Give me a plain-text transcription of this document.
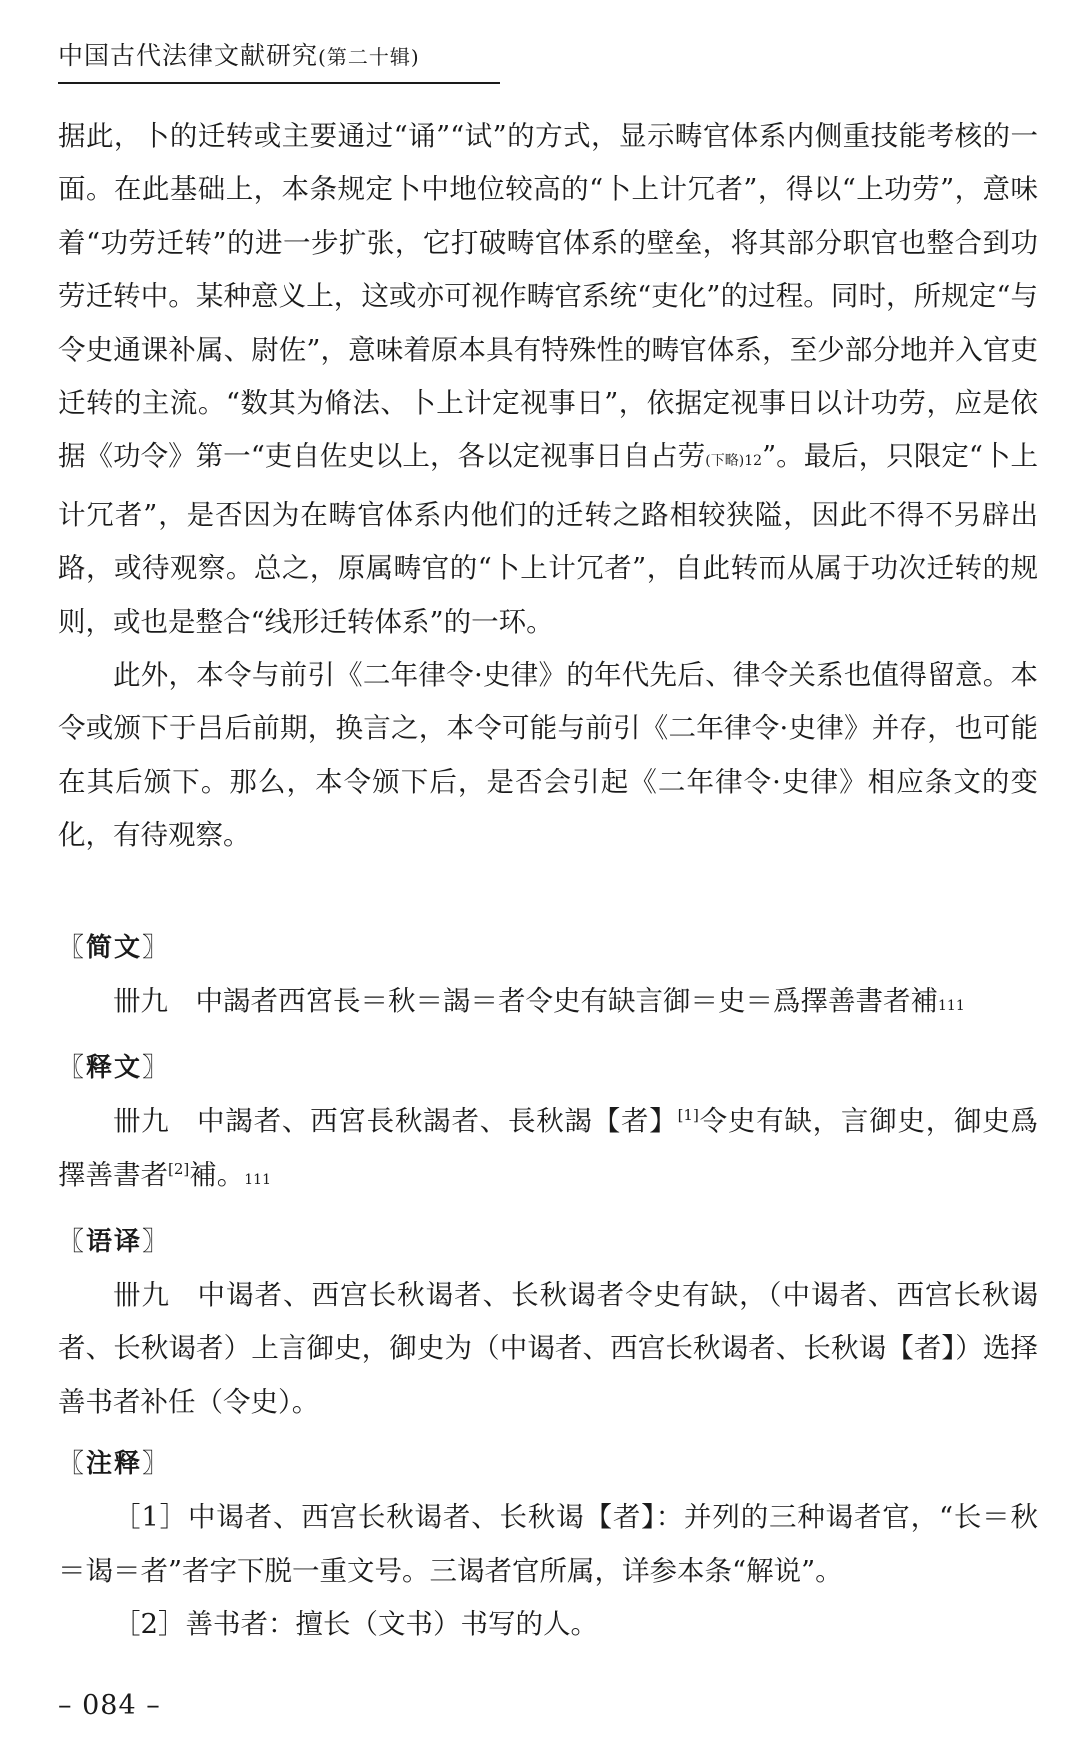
中国古代法律文献研究(第二十辑)

据此，卜的迁转或主要通过“诵”“试”的方式，显示畴官体系内侧重技能考核的一面。在此基础上，本条规定卜中地位较高的“卜上计冗者”，得以“上功劳”，意味着“功劳迁转”的进一步扩张，它打破畴官体系的壁垒，将其部分职官也整合到功劳迁转中。某种意义上，这或亦可视作畴官系统“吏化”的过程。同时，所规定“与令史通课补属、尉佐”，意味着原本具有特殊性的畴官体系，至少部分地并入官吏迁转的主流。“数其为脩法、卜上计定视事日”，依据定视事日以计功劳，应是依据《功令》第一“吏自佐史以上，各以定视事日自占劳(下略)12”。最后，只限定“卜上计冗者”，是否因为在畴官体系内他们的迁转之路相较狭隘，因此不得不另辟出路，或待观察。总之，原属畴官的“卜上计冗者”，自此转而从属于功次迁转的规则，或也是整合“线形迁转体系”的一环。

此外，本令与前引《二年律令·史律》的年代先后、律令关系也值得留意。本令或颁下于吕后前期，换言之，本令可能与前引《二年律令·史律》并存，也可能在其后颁下。那么，本令颁下后，是否会引起《二年律令·史律》相应条文的变化，有待观察。

〖简文〗

卌九 中謁者西宮長＝秋＝謁＝者令史有缺言御＝史＝爲擇善書者補111

〖释文〗

卌九 中謁者、西宮長秋謁者、長秋謁【者】[1]令史有缺，言御史，御史爲擇善書者[2]補。111

〖语译〗

卌九 中谒者、西宫长秋谒者、长秋谒者令史有缺，（中谒者、西宫长秋谒者、长秋谒者）上言御史，御史为（中谒者、西宫长秋谒者、长秋谒【者】）选择善书者补任（令史）。

〖注释〗

［1］中谒者、西宫长秋谒者、长秋谒【者】：并列的三种谒者官，“长＝秋＝谒＝者”者字下脱一重文号。三谒者官所属，详参本条“解说”。

［2］善书者：擅长（文书）书写的人。

– 084 –
